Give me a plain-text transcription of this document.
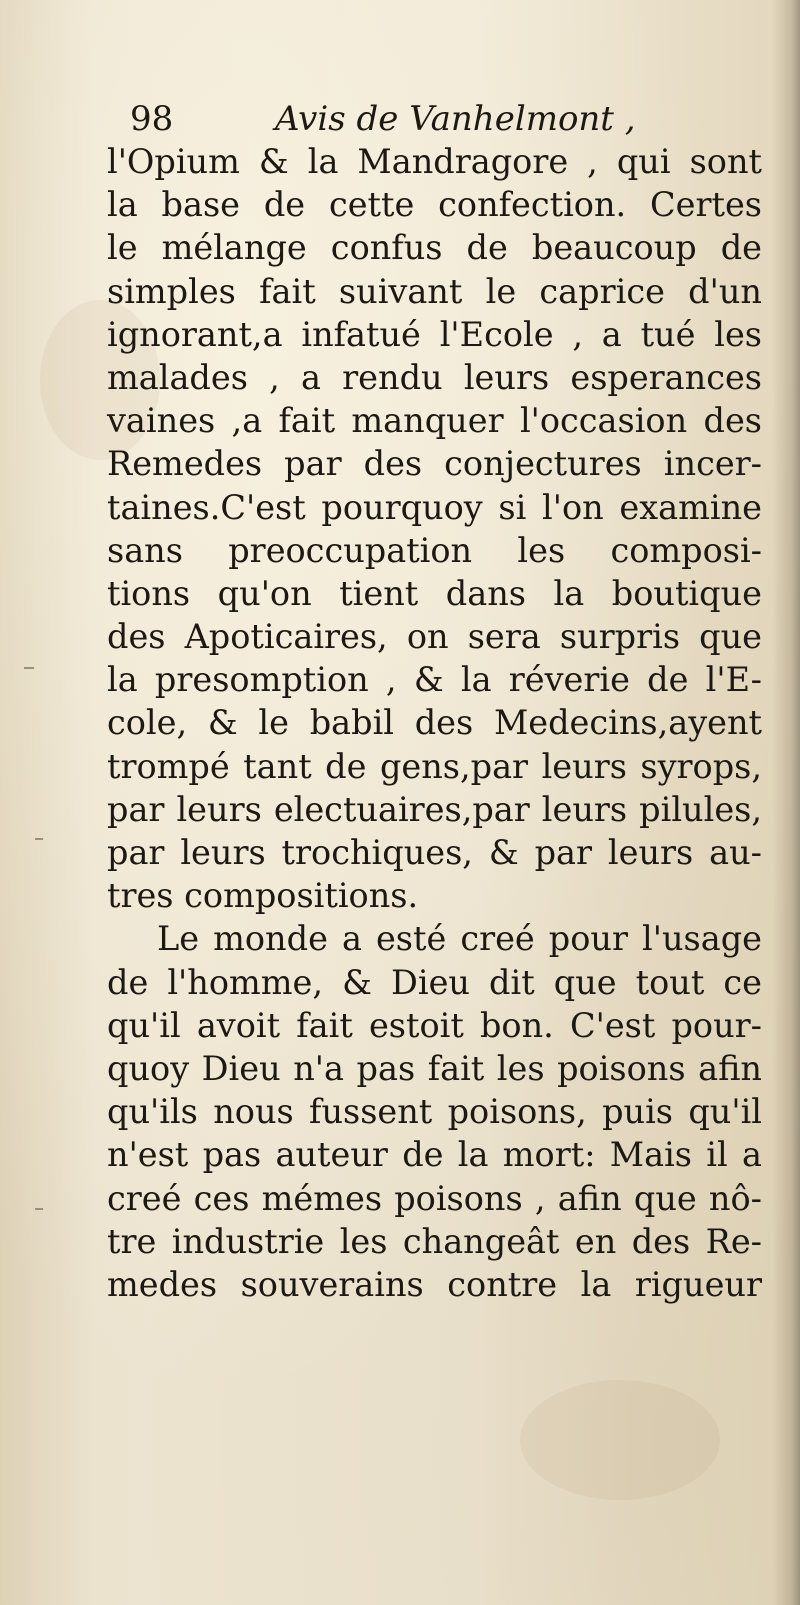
98	Avis de Vanhelmont ,
l'Opium & la Mandragore , qui sont
la base de cette confection. Certes
le mélange confus de beaucoup de
simples fait suivant le caprice d'un
ignorant,a infatué l'Ecole , a tué les
malades , a rendu leurs esperances
vaines ,a fait manquer l'occasion des
Remedes par des conjectures incer-
taines.C'est pourquoy si l'on examine
sans preoccupation les composi-
tions qu'on tient dans la boutique
des Apoticaires, on sera surpris que
la presomption , & la réverie de l'E-
cole, & le babil des Medecins,ayent
trompé tant de gens,par leurs syrops,
par leurs electuaires,par leurs pilules,
par leurs trochiques, & par leurs au-
tres compositions.
Le monde a esté creé pour l'usage
de l'homme, & Dieu dit que tout ce
qu'il avoit fait estoit bon. C'est pour-
quoy Dieu n'a pas fait les poisons afin
qu'ils nous fussent poisons, puis qu'il
n'est pas auteur de la mort: Mais il a
creé ces mémes poisons , afin que nô-
tre industrie les changeât en des Re-
medes souverains contre la rigueur
